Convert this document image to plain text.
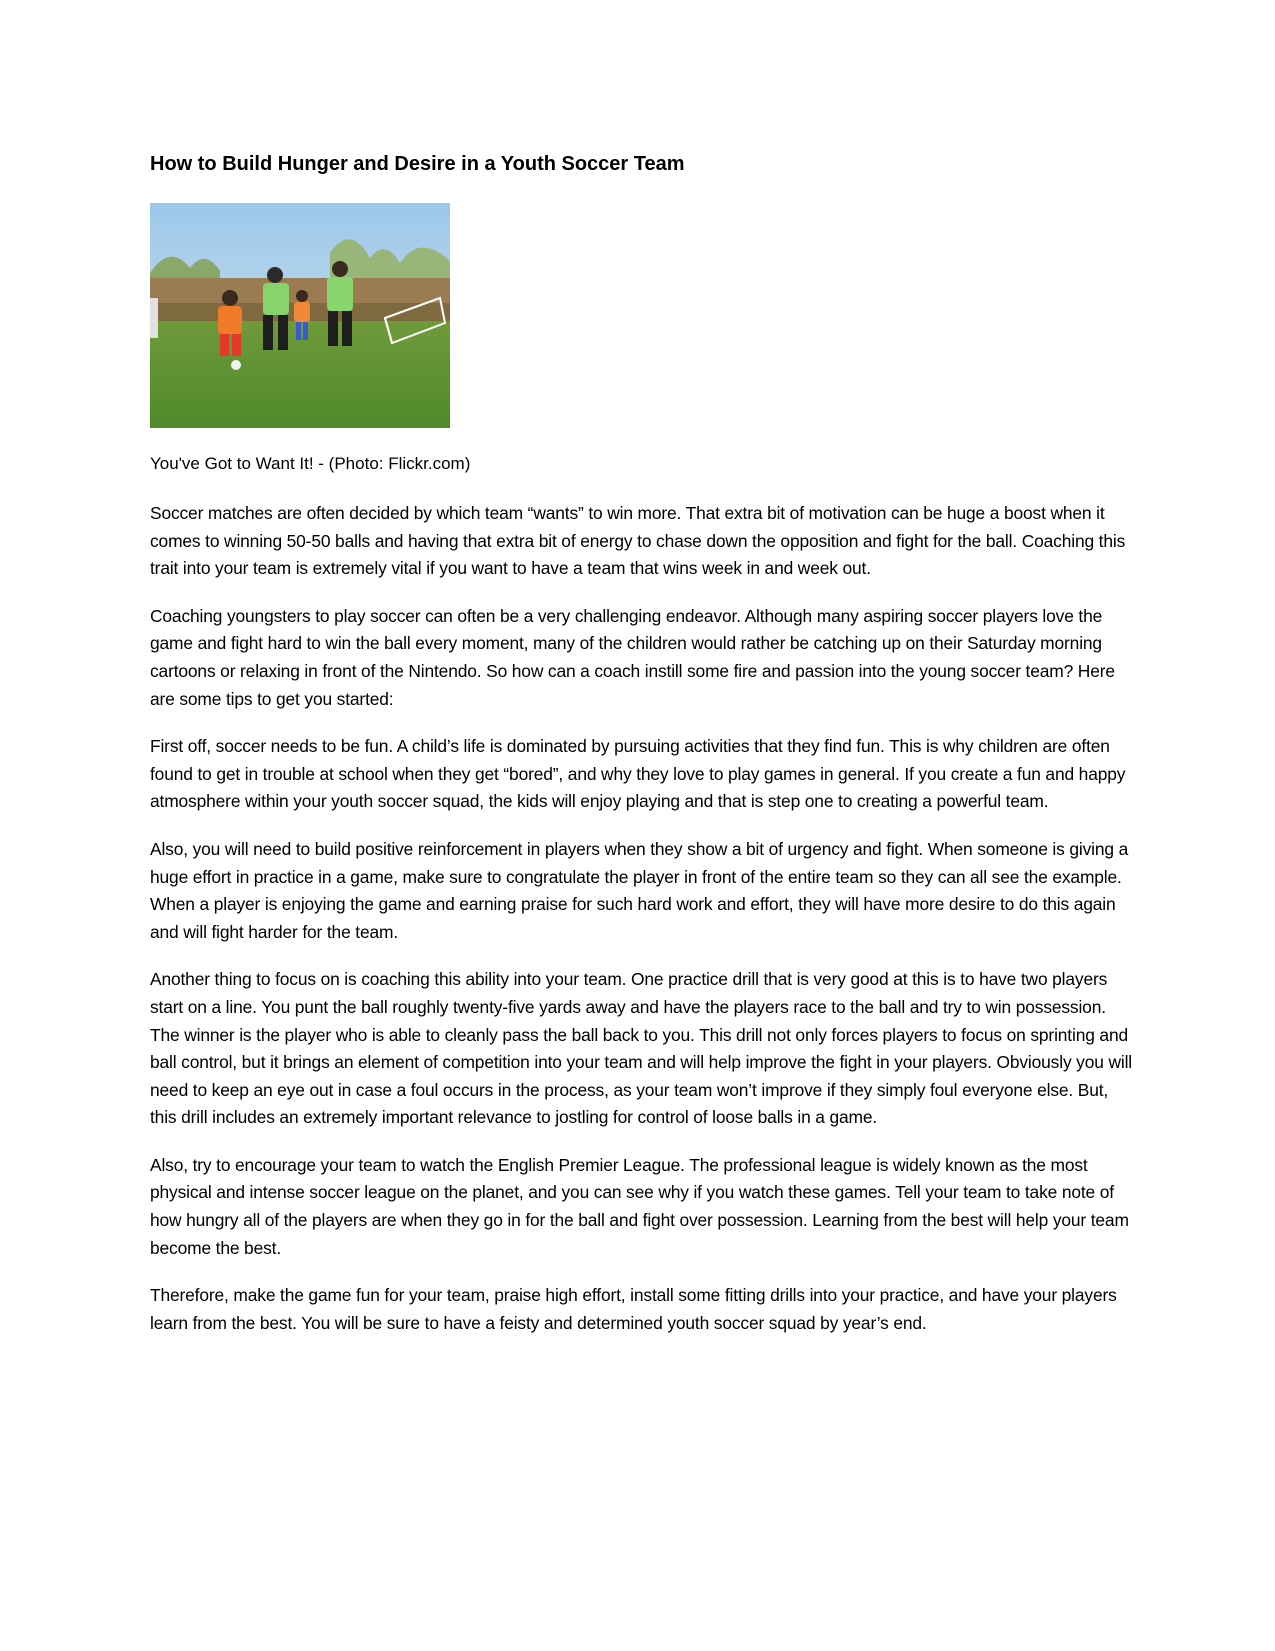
How to Build Hunger and Desire in a Youth Soccer Team

You've Got to Want It! - (Photo: Flickr.com)

Soccer matches are often decided by which team “wants” to win more. That extra bit of motivation can be huge a boost when it comes to winning 50-50 balls and having that extra bit of energy to chase down the opposition and fight for the ball. Coaching this trait into your team is extremely vital if you want to have a team that wins week in and week out.

Coaching youngsters to play soccer can often be a very challenging endeavor. Although many aspiring soccer players love the game and fight hard to win the ball every moment, many of the children would rather be catching up on their Saturday morning cartoons or relaxing in front of the Nintendo. So how can a coach instill some fire and passion into the young soccer team? Here are some tips to get you started:

First off, soccer needs to be fun. A child’s life is dominated by pursuing activities that they find fun. This is why children are often found to get in trouble at school when they get “bored”, and why they love to play games in general. If you create a fun and happy atmosphere within your youth soccer squad, the kids will enjoy playing and that is step one to creating a powerful team.

Also, you will need to build positive reinforcement in players when they show a bit of urgency and fight. When someone is giving a huge effort in practice in a game, make sure to congratulate the player in front of the entire team so they can all see the example. When a player is enjoying the game and earning praise for such hard work and effort, they will have more desire to do this again and will fight harder for the team.

Another thing to focus on is coaching this ability into your team. One practice drill that is very good at this is to have two players start on a line. You punt the ball roughly twenty-five yards away and have the players race to the ball and try to win possession. The winner is the player who is able to cleanly pass the ball back to you. This drill not only forces players to focus on sprinting and ball control, but it brings an element of competition into your team and will help improve the fight in your players. Obviously you will need to keep an eye out in case a foul occurs in the process, as your team won’t improve if they simply foul everyone else. But, this drill includes an extremely important relevance to jostling for control of loose balls in a game.

Also, try to encourage your team to watch the English Premier League. The professional league is widely known as the most physical and intense soccer league on the planet, and you can see why if you watch these games. Tell your team to take note of how hungry all of the players are when they go in for the ball and fight over possession. Learning from the best will help your team become the best.

Therefore, make the game fun for your team, praise high effort, install some fitting drills into your practice, and have your players learn from the best. You will be sure to have a feisty and determined youth soccer squad by year’s end.
